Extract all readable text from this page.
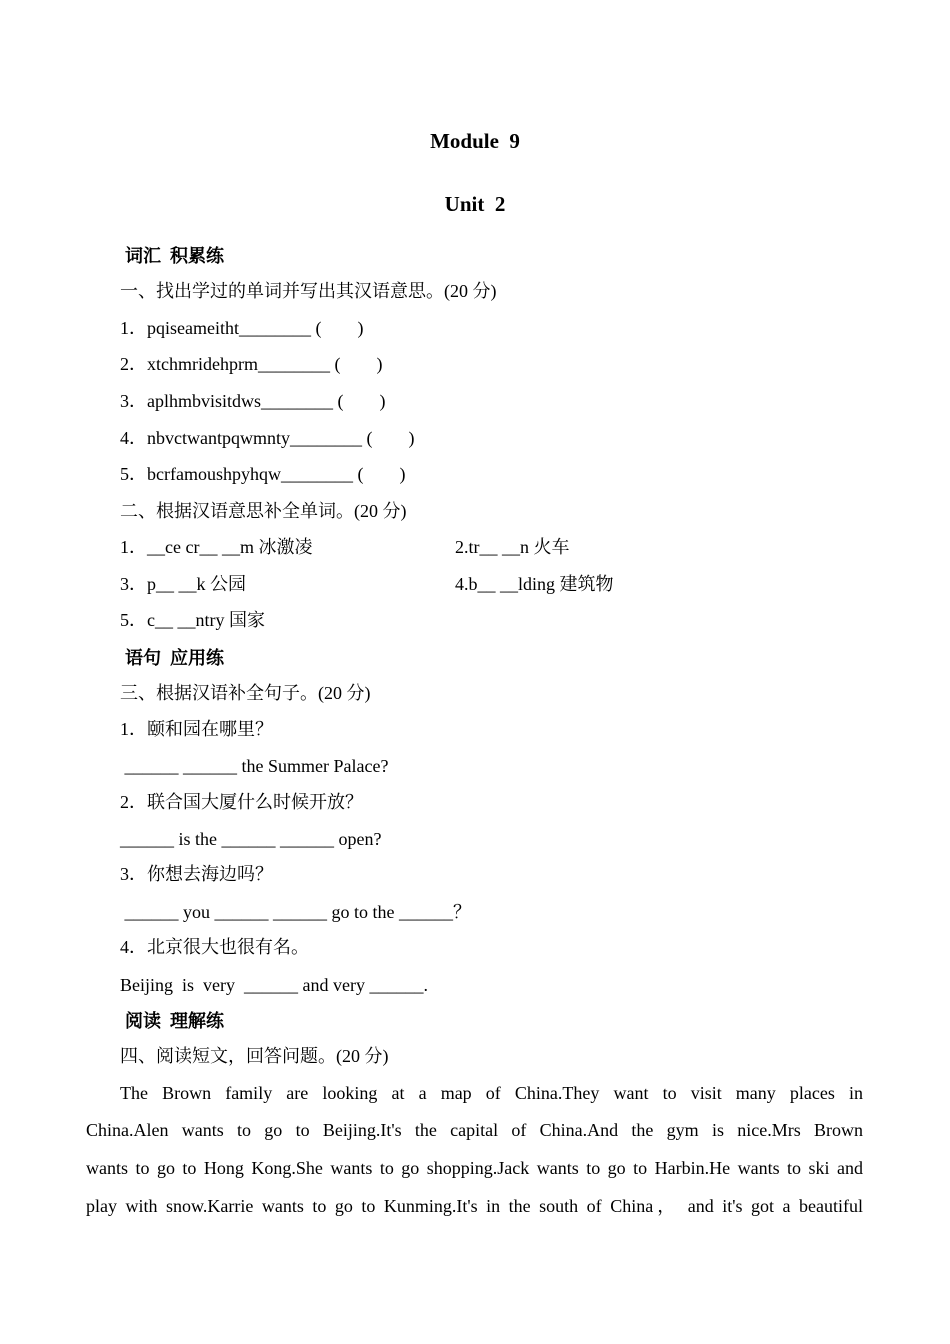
Module  9
Unit  2
词汇  积累练
一、找出学过的单词并写出其汉语意思。(20 分)
1．pqiseameitht________ (        )
2．xtchmridehprm________ (        )
3．aplhmbvisitdws________ (        )
4．nbvctwantpqwmnty________ (        )
5．bcrfamoushpyhqw________ (        )
二、根据汉语意思补全单词。(20 分)
1．__ce cr__ __m 冰激凌	2.tr__ __n 火车
3．p__ __k 公园	4.b__ __lding 建筑物
5．c__ __ntry 国家
语句  应用练
三、根据汉语补全句子。(20 分)
1．颐和园在哪里？
______ ______ the Summer Palace?
2．联合国大厦什么时候开放？
______ is the ______ ______ open?
3．你想去海边吗？
______ you ______ ______ go to the ______？
4．北京很大也很有名。
Beijing  is  very  ______ and very ______.
阅读  理解练
四、阅读短文，回答问题。(20 分)
The Brown family are looking at a map of China.They want to visit many places in
China.Alen wants to go to Beijing.It's the capital of China.And the gym is nice.Mrs Brown
wants to go to Hong Kong.She wants to go shopping.Jack wants to go to Harbin.He wants to ski and
play with snow.Karrie wants to go to Kunming.It's in the south of China， and it's got a beautiful
